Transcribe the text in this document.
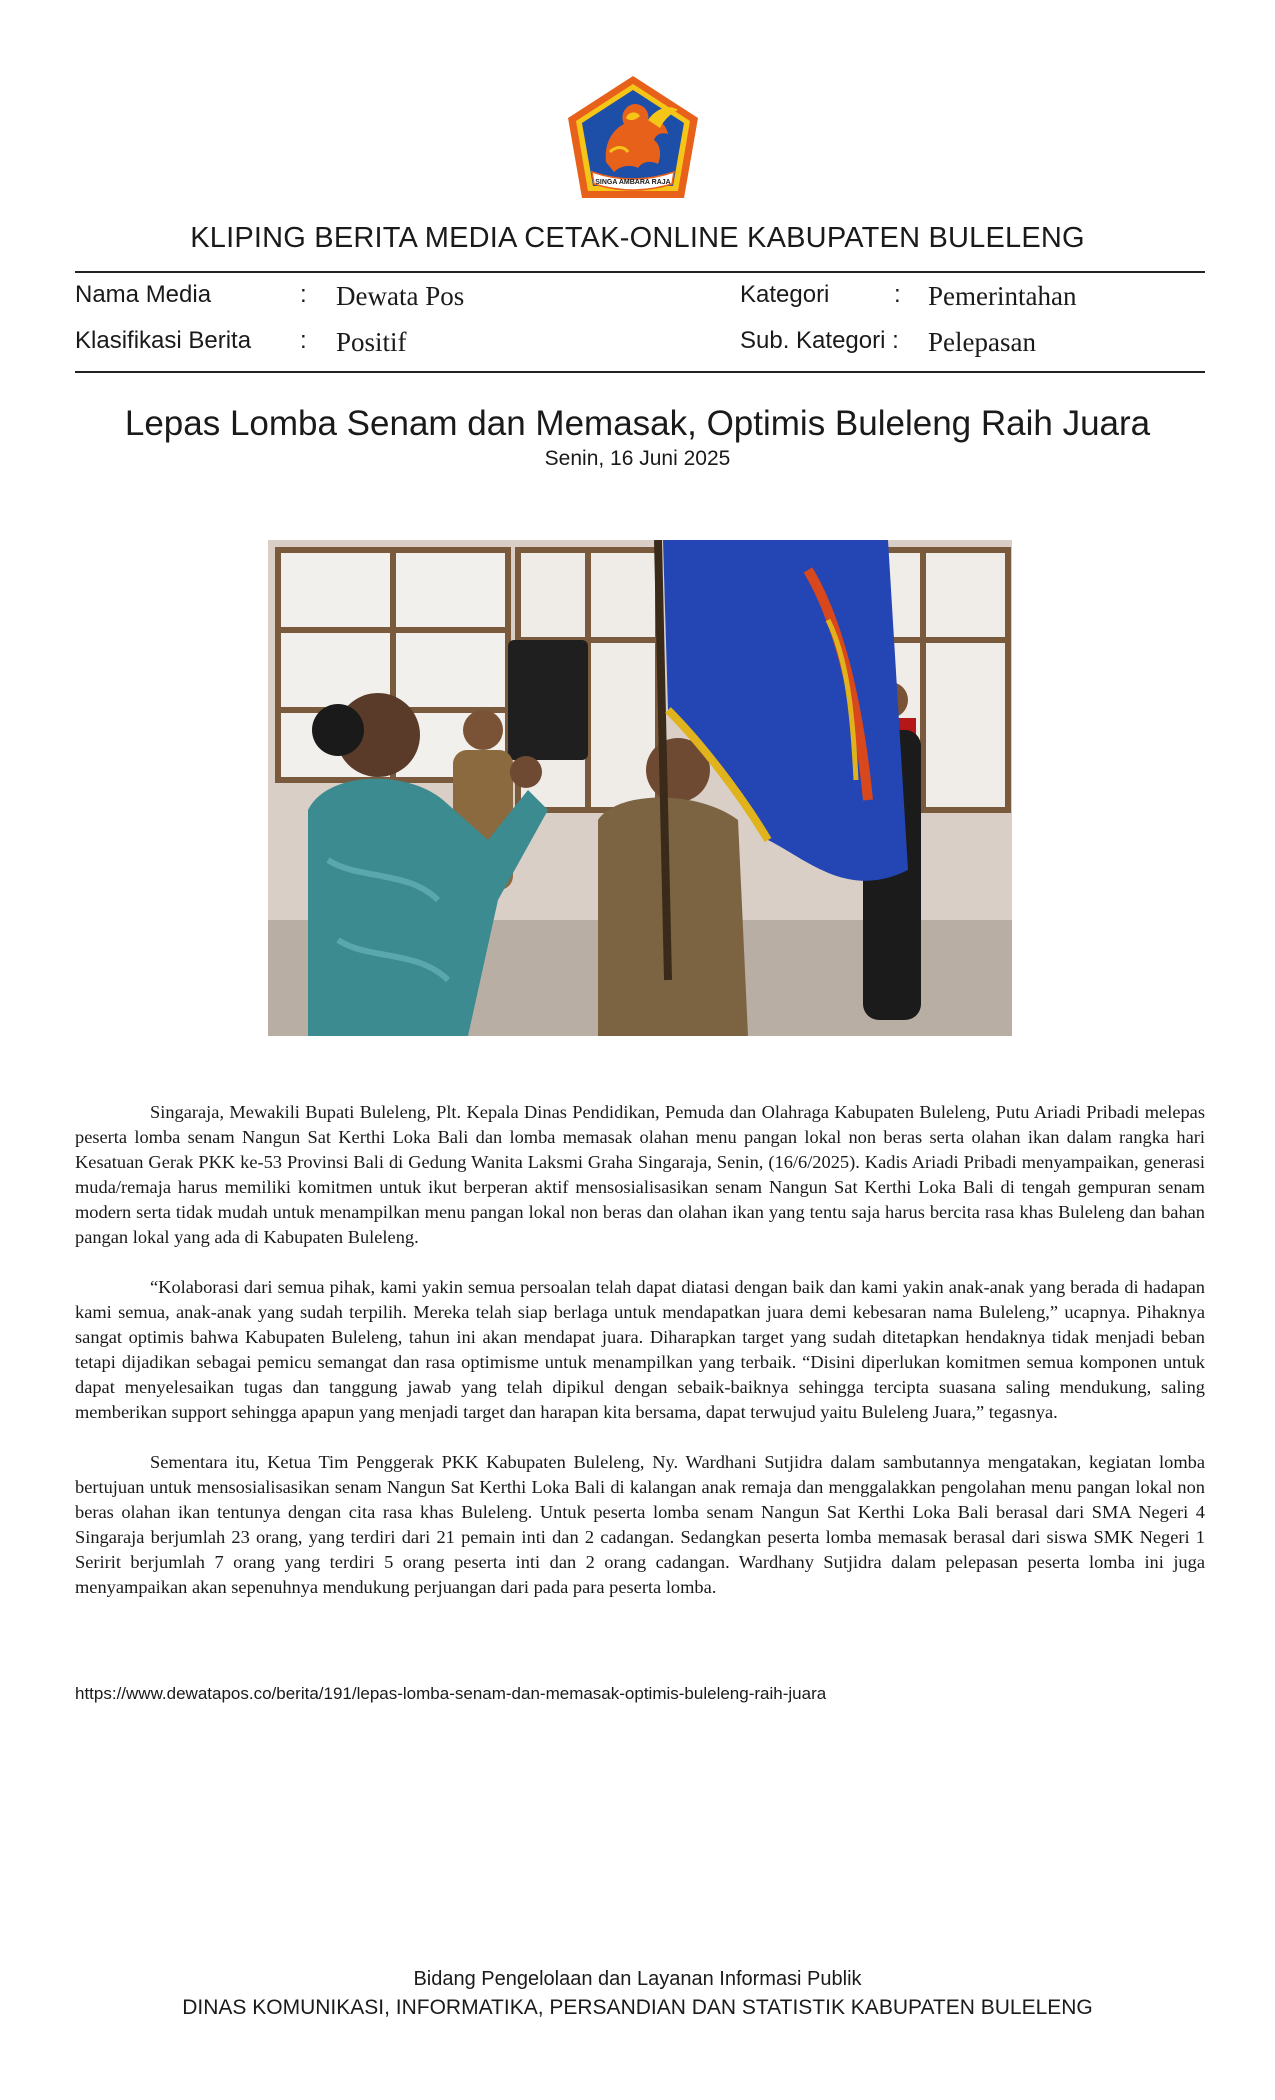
SINGA AMBARA RAJA
KLIPING BERITA MEDIA CETAK-ONLINE KABUPATEN BULELENG
Nama Media	: Dewata Pos	Kategori	: Pemerintahan
Klasifikasi Berita : Positif	Sub. Kategori : Pelepasan
Lepas Lomba Senam dan Memasak, Optimis Buleleng Raih Juara
Senin, 16 Juni 2025

Singaraja, Mewakili Bupati Buleleng, Plt. Kepala Dinas Pendidikan, Pemuda dan Olahraga Kabupaten Buleleng, Putu Ariadi Pribadi melepas peserta lomba senam Nangun Sat Kerthi Loka Bali dan lomba memasak olahan menu pangan lokal non beras serta olahan ikan dalam rangka hari Kesatuan Gerak PKK ke-53 Provinsi Bali di Gedung Wanita Laksmi Graha Singaraja, Senin, (16/6/2025). Kadis Ariadi Pribadi menyampaikan, generasi muda/remaja harus memiliki komitmen untuk ikut berperan aktif mensosialisasikan senam Nangun Sat Kerthi Loka Bali di tengah gempuran senam modern serta tidak mudah untuk menampilkan menu pangan lokal non beras dan olahan ikan yang tentu saja harus bercita rasa khas Buleleng dan bahan pangan lokal yang ada di Kabupaten Buleleng.

“Kolaborasi dari semua pihak, kami yakin semua persoalan telah dapat diatasi dengan baik dan kami yakin anak-anak yang berada di hadapan kami semua, anak-anak yang sudah terpilih. Mereka telah siap berlaga untuk mendapatkan juara demi kebesaran nama Buleleng,” ucapnya. Pihaknya sangat optimis bahwa Kabupaten Buleleng, tahun ini akan mendapat juara. Diharapkan target yang sudah ditetapkan hendaknya tidak menjadi beban tetapi dijadikan sebagai pemicu semangat dan rasa optimisme untuk menampilkan yang terbaik. “Disini diperlukan komitmen semua komponen untuk dapat menyelesaikan tugas dan tanggung jawab yang telah dipikul dengan sebaik-baiknya sehingga tercipta suasana saling mendukung, saling memberikan support sehingga apapun yang menjadi target dan harapan kita bersama, dapat terwujud yaitu Buleleng Juara,” tegasnya.

Sementara itu, Ketua Tim Penggerak PKK Kabupaten Buleleng, Ny. Wardhani Sutjidra dalam sambutannya mengatakan, kegiatan lomba bertujuan untuk mensosialisasikan senam Nangun Sat Kerthi Loka Bali di kalangan anak remaja dan menggalakkan pengolahan menu pangan lokal non beras olahan ikan tentunya dengan cita rasa khas Buleleng. Untuk peserta lomba senam Nangun Sat Kerthi Loka Bali berasal dari SMA Negeri 4 Singaraja berjumlah 23 orang, yang terdiri dari 21 pemain inti dan 2 cadangan. Sedangkan peserta lomba memasak berasal dari siswa SMK Negeri 1 Seririt berjumlah 7 orang yang terdiri 5 orang peserta inti dan 2 orang cadangan. Wardhany Sutjidra dalam pelepasan peserta lomba ini juga menyampaikan akan sepenuhnya mendukung perjuangan dari pada para peserta lomba.

https://www.dewatapos.co/berita/191/lepas-lomba-senam-dan-memasak-optimis-buleleng-raih-juara
Bidang Pengelolaan dan Layanan Informasi Publik
DINAS KOMUNIKASI, INFORMATIKA, PERSANDIAN DAN STATISTIK KABUPATEN BULELENG
